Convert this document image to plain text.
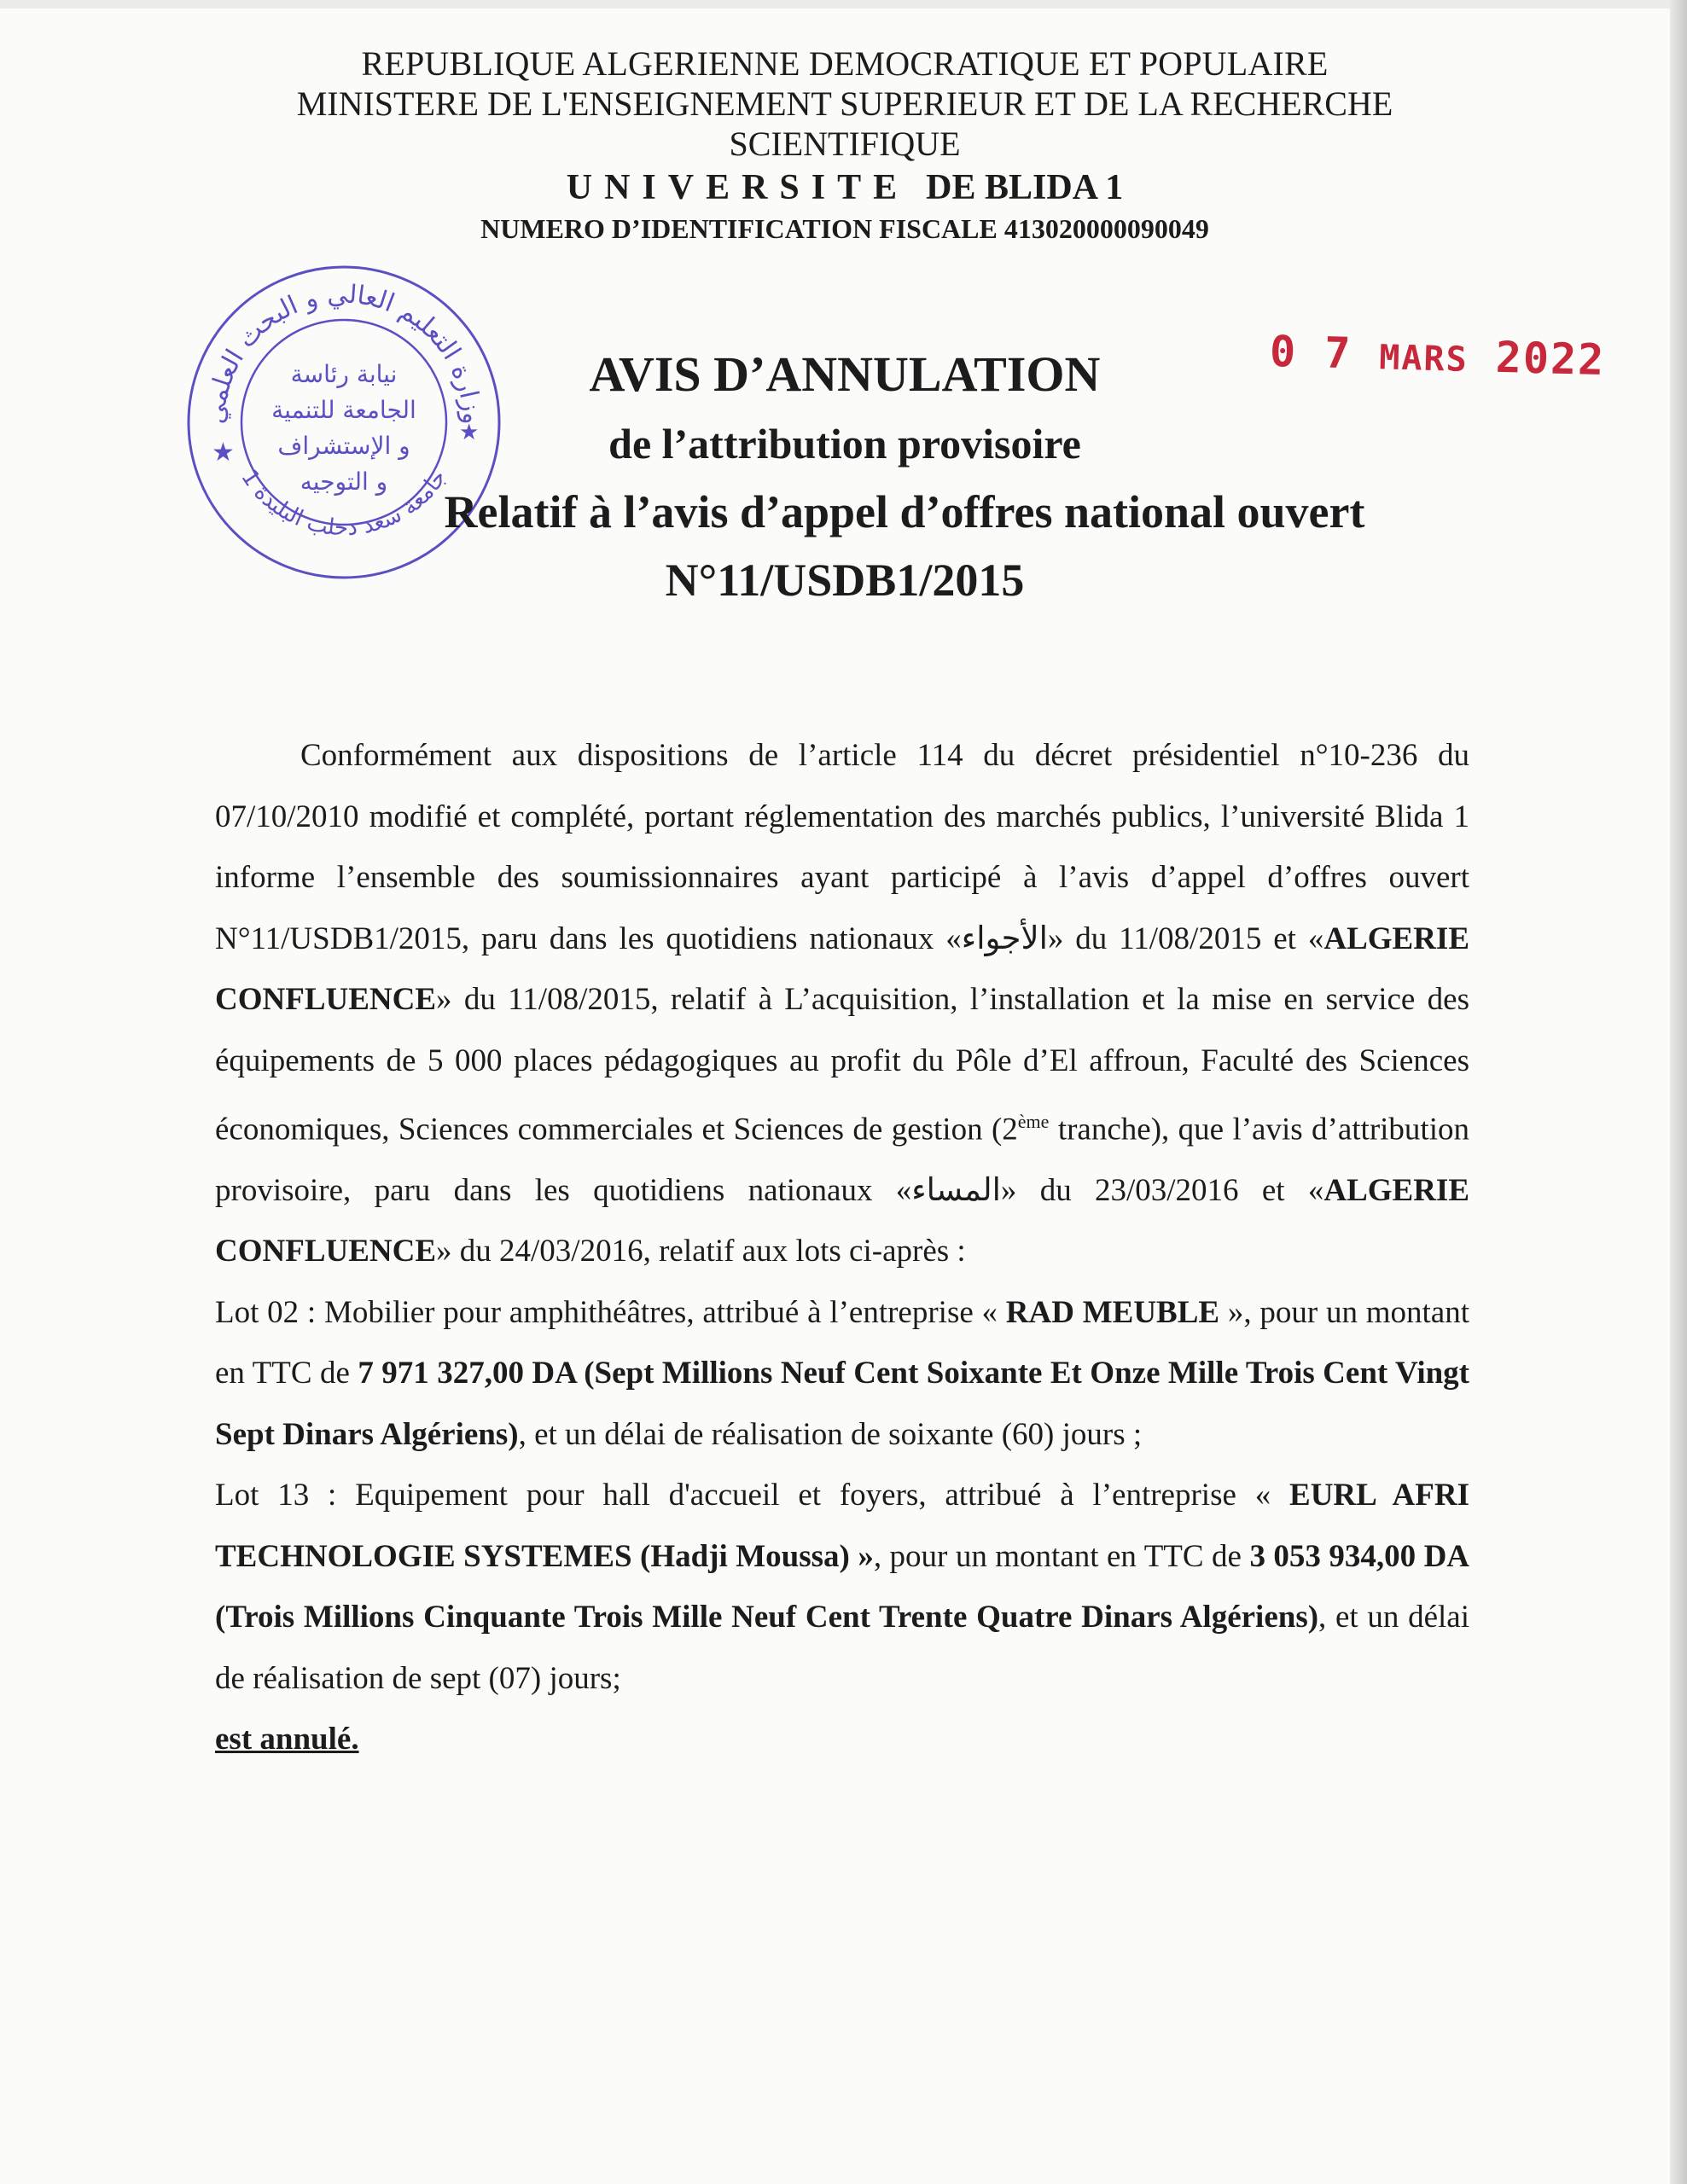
REPUBLIQUE ALGERIENNE DEMOCRATIQUE ET POPULAIRE
MINISTERE DE L'ENSEIGNEMENT SUPERIEUR ET DE LA RECHERCHE
SCIENTIFIQUE
UNIVERSITE DE BLIDA 1
NUMERO D’IDENTIFICATION FISCALE 413020000090049
وزارة التعليم العالي و البحث العلمي
جامعة سعد دحلب البليدة 1
★
★
نيابة رئاسة
الجامعة للتنمية
و الإستشراف
و التوجيه
0 7 MARS 2022
AVIS D’ANNULATION
de l’attribution provisoire
Relatif à l’avis d’appel d’offres national ouvert
N°11/USDB1/2015

Conformément aux dispositions de l’article 114 du décret présidentiel n°10-236 du 07/10/2010 modifié et complété, portant réglementation des marchés publics, l’université Blida 1 informe l’ensemble des soumissionnaires ayant participé à l’avis d’appel d’offres ouvert N°11/USDB1/2015, paru dans les quotidiens nationaux «الأجواء» du 11/08/2015 et «ALGERIE CONFLUENCE» du 11/08/2015, relatif à L’acquisition, l’installation et la mise en service des équipements de 5 000 places pédagogiques au profit du Pôle d’El affroun, Faculté des Sciences économiques, Sciences commerciales et Sciences de gestion (2ème tranche), que l’avis d’attribution provisoire, paru dans les quotidiens nationaux «المساء» du 23/03/2016 et «ALGERIE CONFLUENCE» du 24/03/2016, relatif aux lots ci-après :

Lot 02 : Mobilier pour amphithéâtres, attribué à l’entreprise « RAD MEUBLE », pour un montant en TTC de 7 971 327,00 DA (Sept Millions Neuf Cent Soixante Et Onze Mille Trois Cent Vingt Sept Dinars Algériens), et un délai de réalisation de soixante (60) jours ;

Lot 13 : Equipement pour hall d'accueil et foyers, attribué à l’entreprise « EURL AFRI TECHNOLOGIE SYSTEMES (Hadji Moussa) », pour un montant en TTC de 3 053 934,00 DA (Trois Millions Cinquante Trois Mille Neuf Cent Trente Quatre Dinars Algériens), et un délai de réalisation de sept (07) jours;

est annulé.
